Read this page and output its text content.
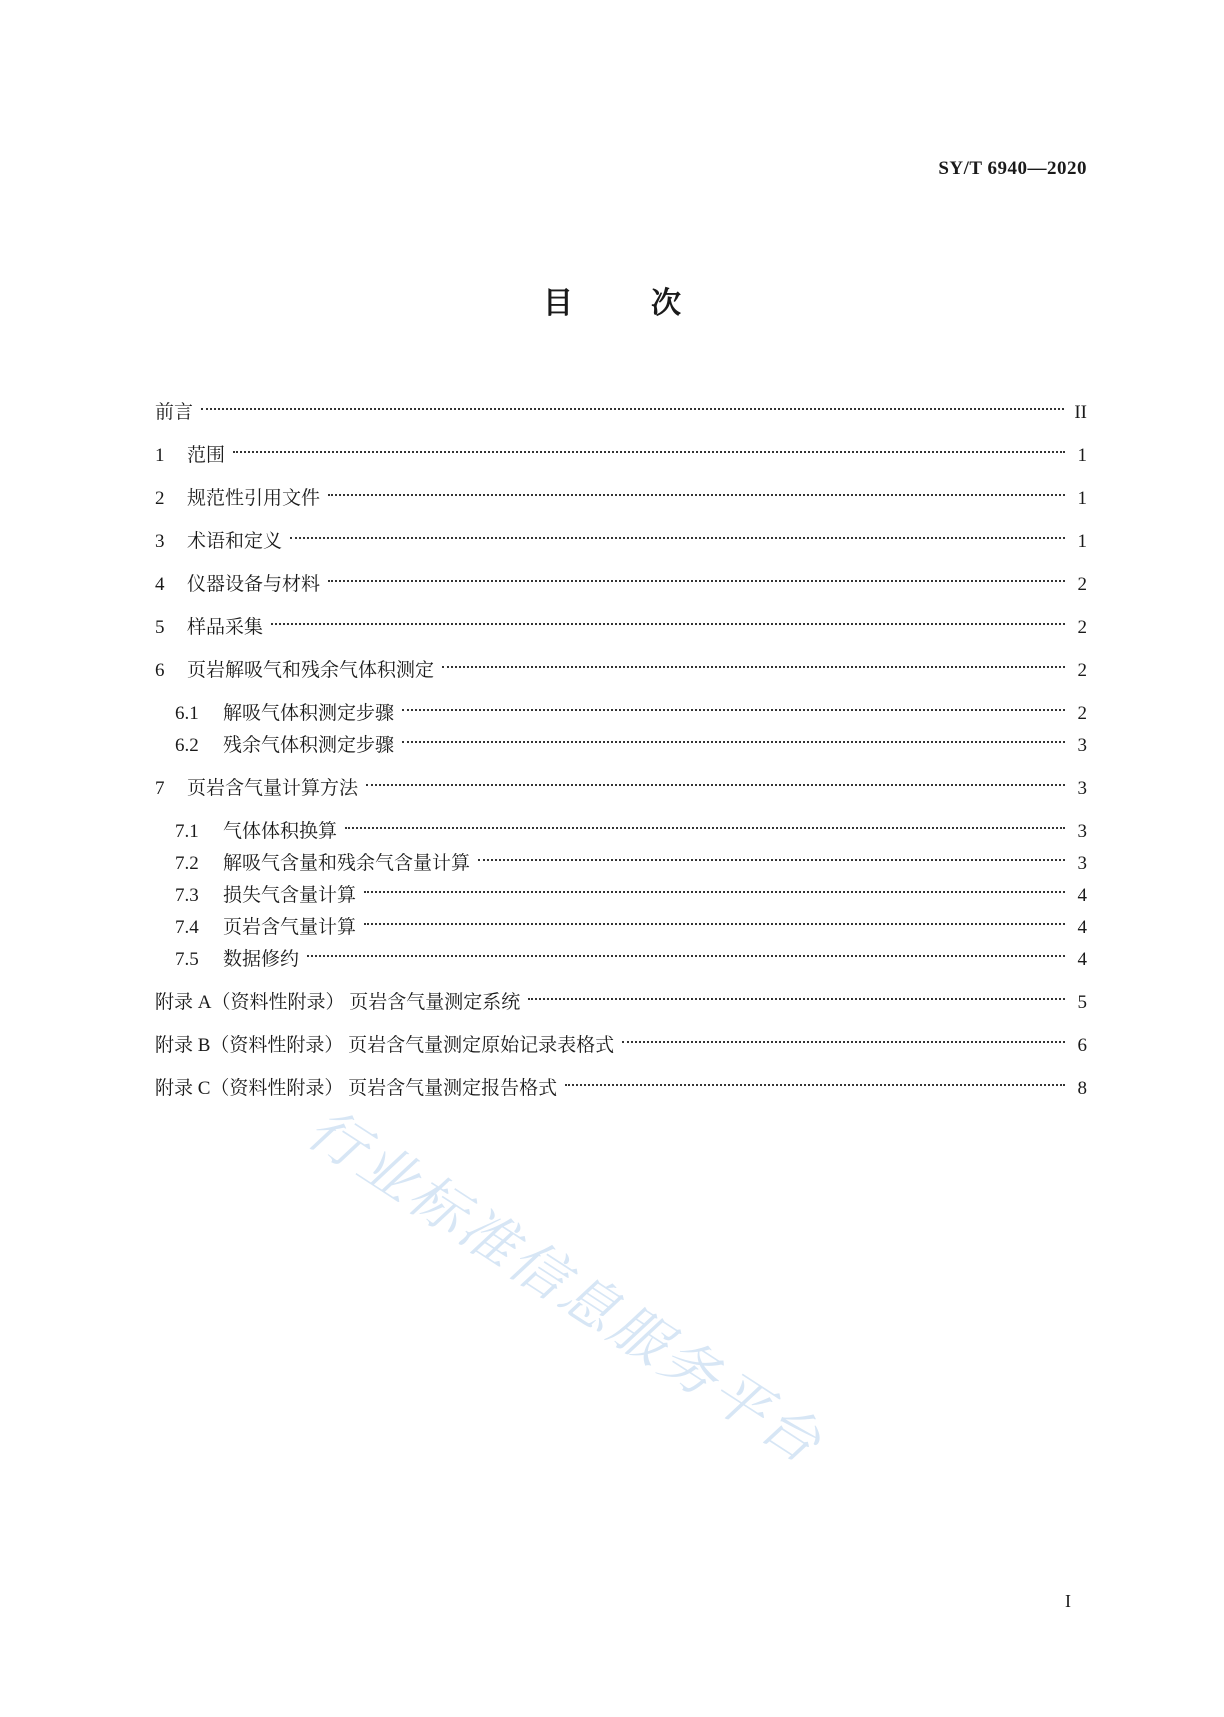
SY/T 6940—2020
目	次
前言	II
1	范围	1
2	规范性引用文件	1
3	术语和定义	1
4	仪器设备与材料	2
5	样品采集	2
6	页岩解吸气和残余气体积测定	2
6.1	解吸气体积测定步骤	2
6.2	残余气体积测定步骤	3
7	页岩含气量计算方法	3
7.1	气体体积换算	3
7.2	解吸气含量和残余气含量计算	3
7.3	损失气含量计算	4
7.4	页岩含气量计算	4
7.5	数据修约	4
附录 A（资料性附录） 页岩含气量测定系统	5
附录 B（资料性附录） 页岩含气量测定原始记录表格式	6
附录 C（资料性附录） 页岩含气量测定报告格式	8
行业标准信息服务平台
I
